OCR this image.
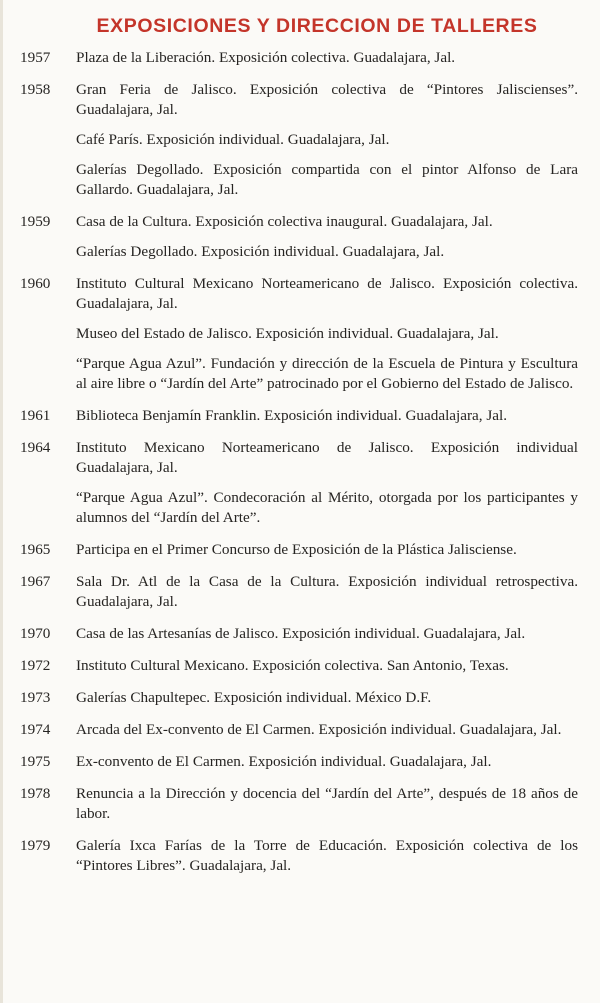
EXPOSICIONES Y DIRECCION DE TALLERES
1957	Plaza de la Liberación. Exposición colectiva. Guadalajara, Jal.
1958	Gran Feria de Jalisco. Exposición colectiva de “Pintores Jaliscienses”. Guadalajara, Jal.
Café París. Exposición individual. Guadalajara, Jal.
Galerías Degollado. Exposición compartida con el pintor Alfonso de Lara Gallardo. Guadalajara, Jal.
1959	Casa de la Cultura. Exposición colectiva inaugural. Guadalajara, Jal.
Galerías Degollado. Exposición individual. Guadalajara, Jal.
1960	Instituto Cultural Mexicano Norteamericano de Jalisco. Exposición colectiva. Guadalajara, Jal.
Museo del Estado de Jalisco. Exposición individual. Guadalajara, Jal.
“Parque Agua Azul”. Fundación y dirección de la Escuela de Pintura y Escultura al aire libre o “Jardín del Arte” patrocinado por el Gobierno del Estado de Jalisco.
1961	Biblioteca Benjamín Franklin. Exposición individual. Guadalajara, Jal.
1964	Instituto Mexicano Norteamericano de Jalisco. Exposición individual Guadalajara, Jal.
“Parque Agua Azul”. Condecoración al Mérito, otorgada por los participantes y alumnos del “Jardín del Arte”.
1965	Participa en el Primer Concurso de Exposición de la Plástica Jalisciense.
1967	Sala Dr. Atl de la Casa de la Cultura. Exposición individual retrospectiva. Guadalajara, Jal.
1970	Casa de las Artesanías de Jalisco. Exposición individual. Guadalajara, Jal.
1972	Instituto Cultural Mexicano. Exposición colectiva. San Antonio, Texas.
1973	Galerías Chapultepec. Exposición individual. México D.F.
1974	Arcada del Ex-convento de El Carmen. Exposición individual. Guadalajara, Jal.
1975	Ex-convento de El Carmen. Exposición individual. Guadalajara, Jal.
1978	Renuncia a la Dirección y docencia del “Jardín del Arte”, después de 18 años de labor.
1979	Galería Ixca Farías de la Torre de Educación. Exposición colectiva de los “Pintores Libres”. Guadalajara, Jal.
